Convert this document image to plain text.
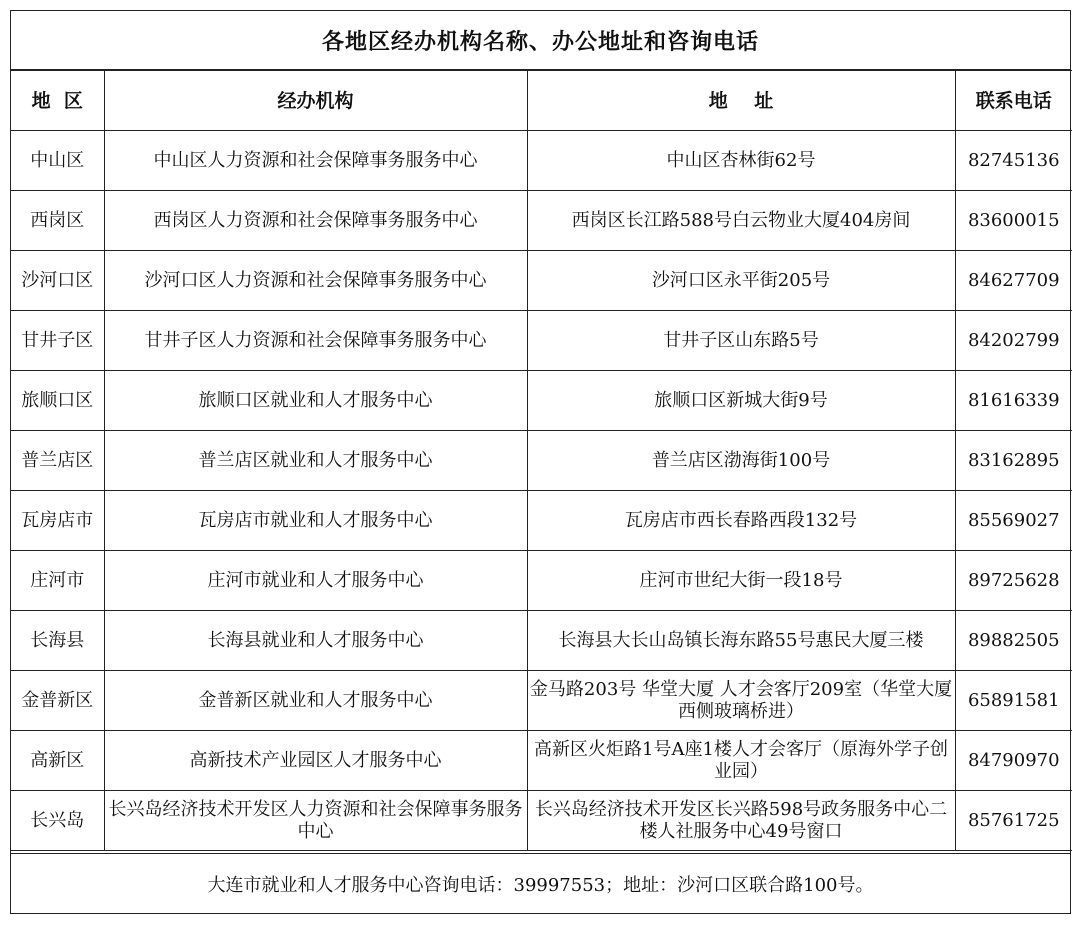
各地区经办机构名称、办公地址和咨询电话
地  区	经办机构	地    址	联系电话
中山区	中山区人力资源和社会保障事务服务中心	中山区杏林街62号	82745136
西岗区	西岗区人力资源和社会保障事务服务中心	西岗区长江路588号白云物业大厦404房间	83600015
沙河口区	沙河口区人力资源和社会保障事务服务中心	沙河口区永平街205号	84627709
甘井子区	甘井子区人力资源和社会保障事务服务中心	甘井子区山东路5号	84202799
旅顺口区	旅顺口区就业和人才服务中心	旅顺口区新城大街9号	81616339
普兰店区	普兰店区就业和人才服务中心	普兰店区渤海街100号	83162895
瓦房店市	瓦房店市就业和人才服务中心	瓦房店市西长春路西段132号	85569027
庄河市	庄河市就业和人才服务中心	庄河市世纪大街一段18号	89725628
长海县	长海县就业和人才服务中心	长海县大长山岛镇长海东路55号惠民大厦三楼	89882505
金普新区	金普新区就业和人才服务中心	金马路203号 华堂大厦 人才会客厅209室（华堂大厦西侧玻璃桥进）	65891581
高新区	高新技术产业园区人才服务中心	高新区火炬路1号A座1楼人才会客厅（原海外学子创业园）	84790970
长兴岛	长兴岛经济技术开发区人力资源和社会保障事务服务中心	长兴岛经济技术开发区长兴路598号政务服务中心二楼人社服务中心49号窗口	85761725
大连市就业和人才服务中心咨询电话：39997553；地址：沙河口区联合路100号。
